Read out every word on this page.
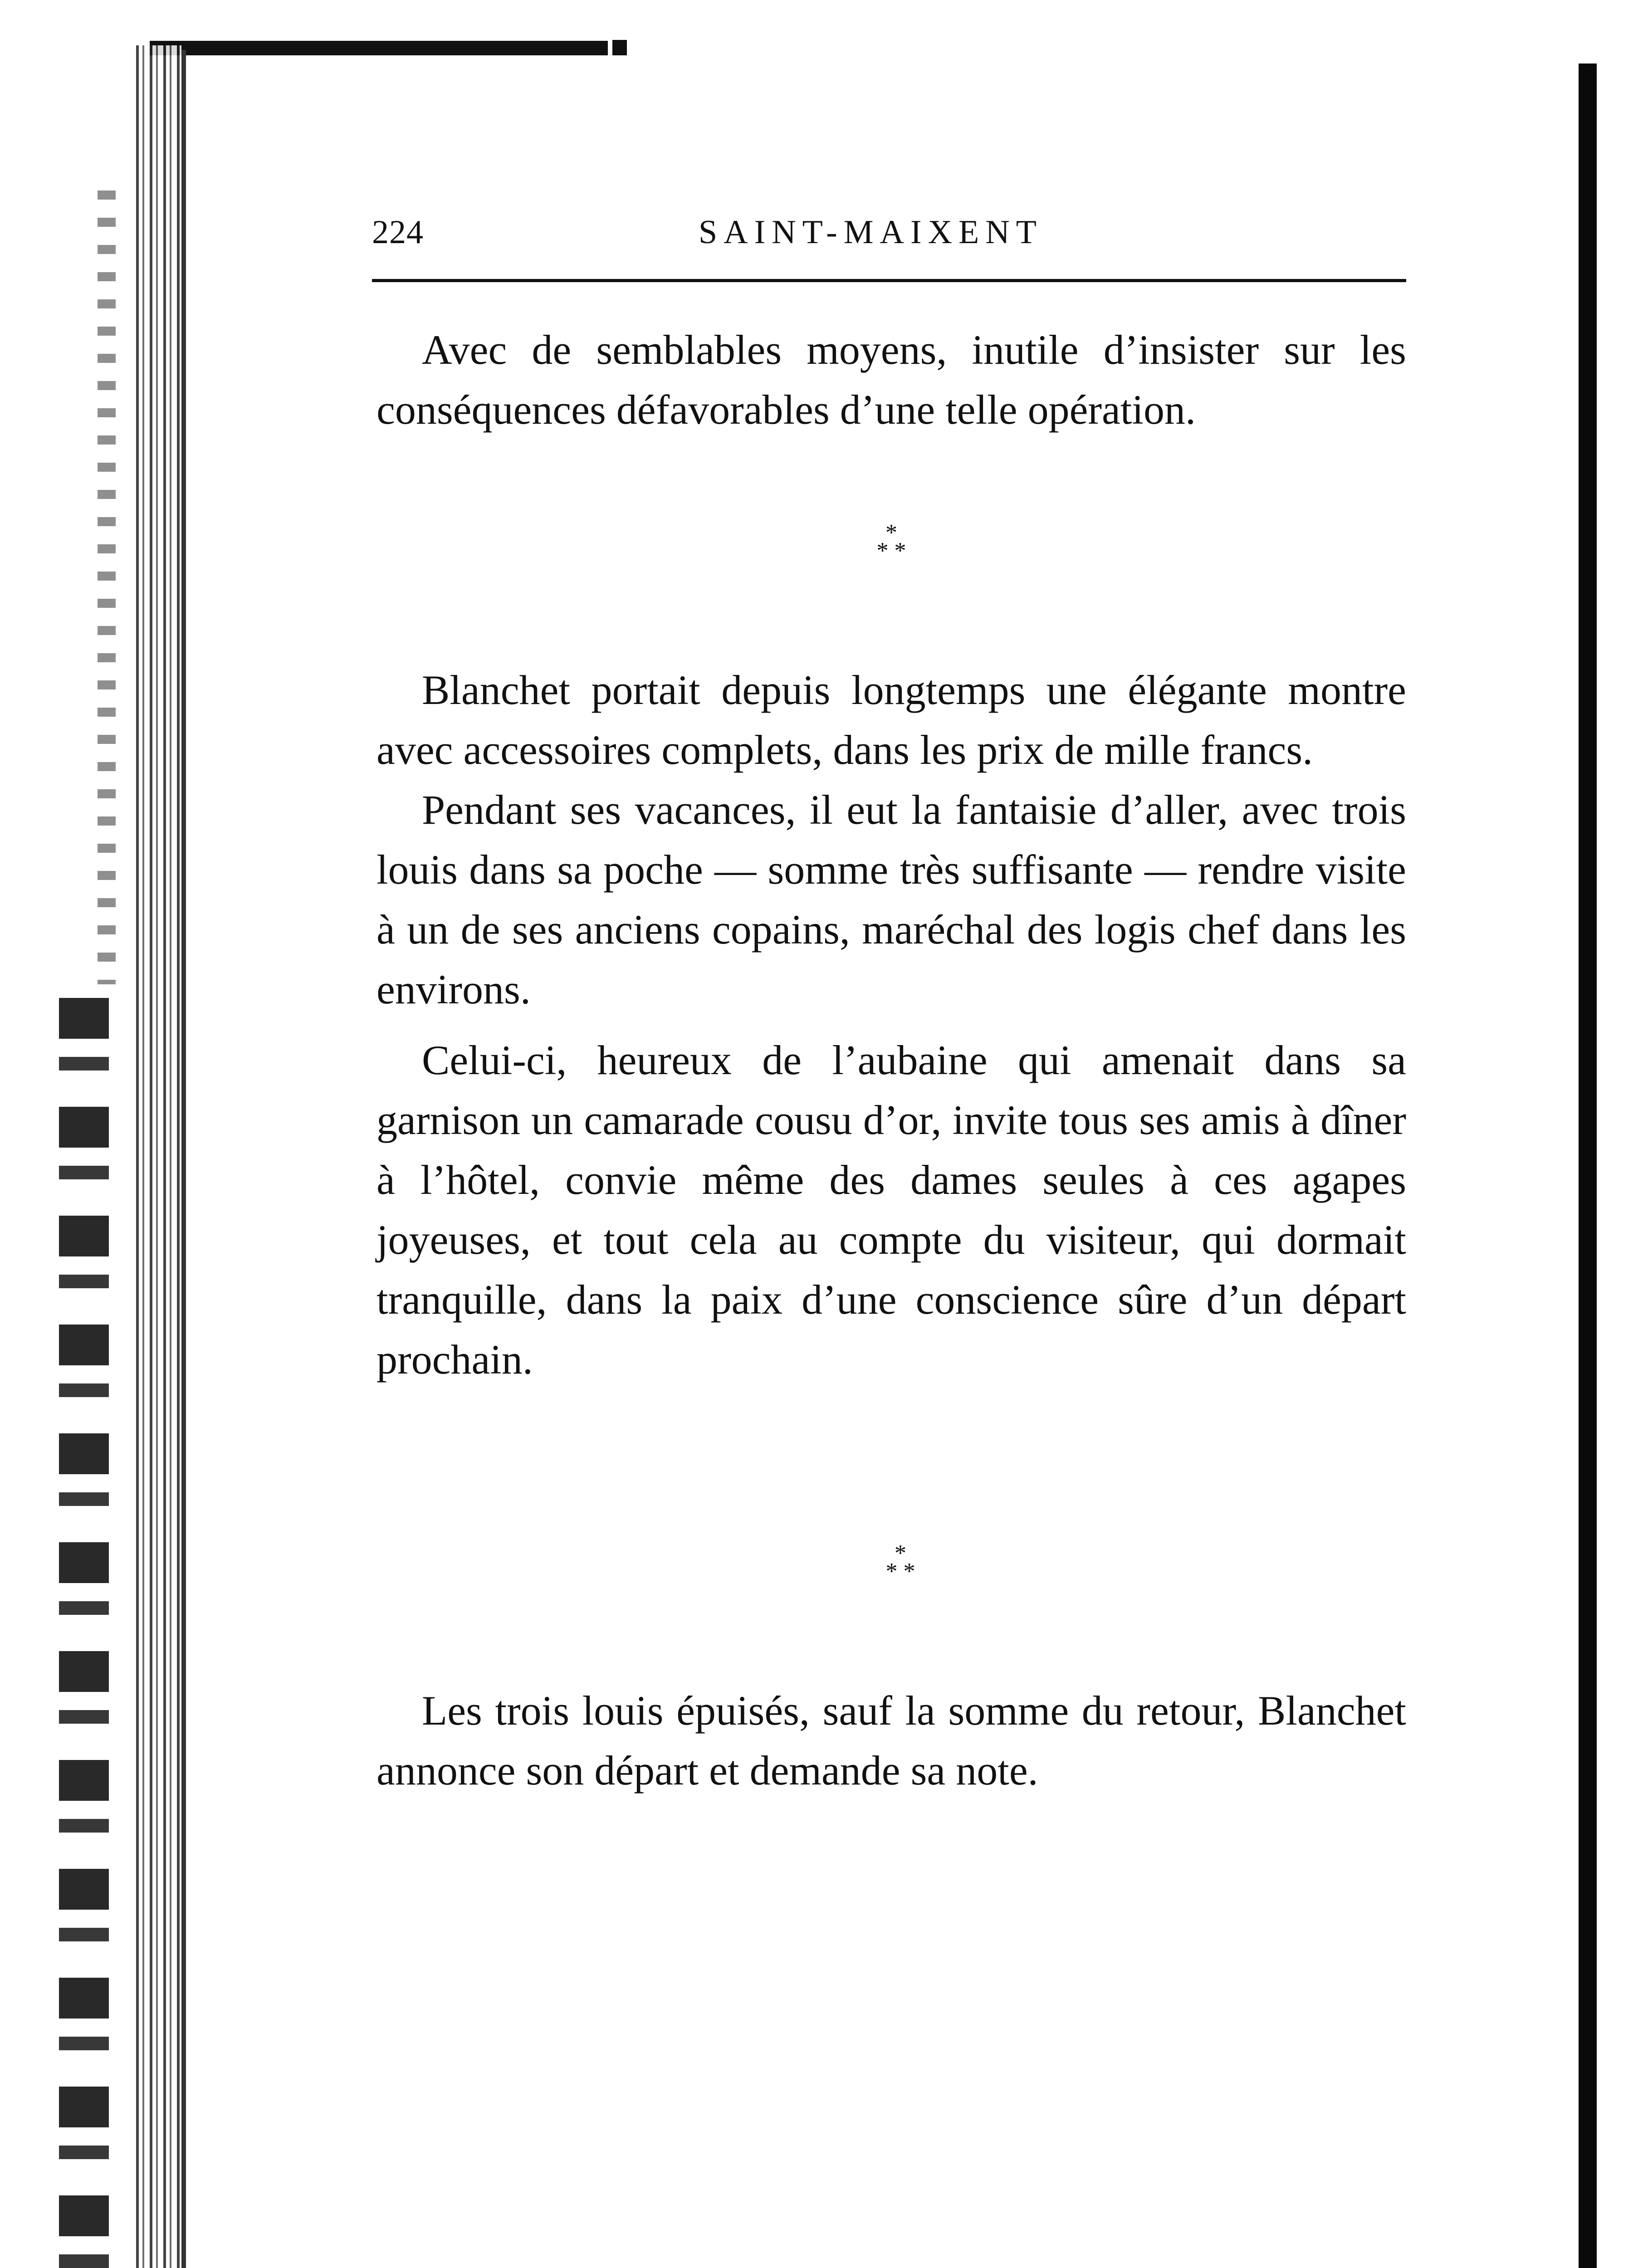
224	SAINT-MAIXENT

Avec de semblables moyens, inutile d’insister sur les conséquences défavorables d’une telle opération.

*
* *

Blanchet portait depuis longtemps une élégante montre avec accessoires complets, dans les prix de mille francs.

Pendant ses vacances, il eut la fantaisie d’aller, avec trois louis dans sa poche — somme très suffisante — rendre visite à un de ses anciens copains, maréchal des logis chef dans les environs.

Celui-ci, heureux de l’aubaine qui amenait dans sa garnison un camarade cousu d’or, invite tous ses amis à dîner à l’hôtel, convie même des dames seules à ces agapes joyeuses, et tout cela au compte du visiteur, qui dormait tranquille, dans la paix d’une conscience sûre d’un départ prochain.

*
* *

Les trois louis épuisés, sauf la somme du retour, Blanchet annonce son départ et demande sa note.
